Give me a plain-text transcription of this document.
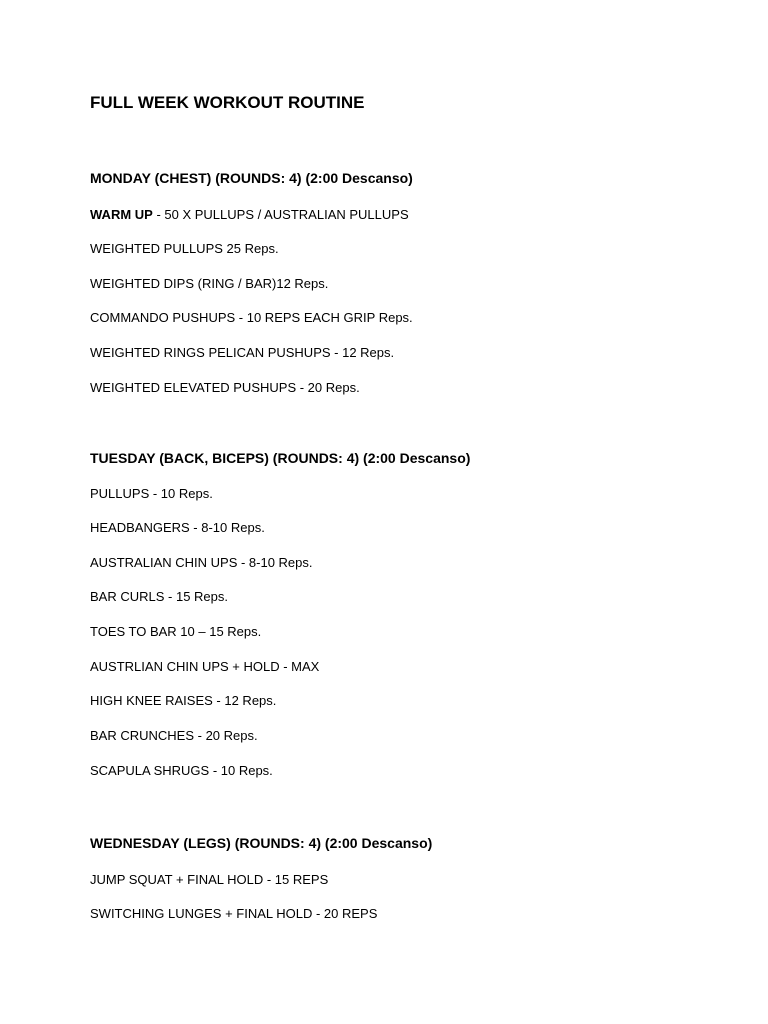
FULL WEEK WORKOUT ROUTINE
MONDAY (CHEST) (ROUNDS: 4) (2:00 Descanso)
WARM UP - 50 X PULLUPS / AUSTRALIAN PULLUPS
WEIGHTED PULLUPS 25 Reps.
WEIGHTED DIPS (RING / BAR)12 Reps.
COMMANDO PUSHUPS - 10 REPS EACH GRIP Reps.
WEIGHTED RINGS PELICAN PUSHUPS - 12 Reps.
WEIGHTED ELEVATED PUSHUPS - 20 Reps.
TUESDAY (BACK, BICEPS) (ROUNDS: 4) (2:00 Descanso)
PULLUPS - 10 Reps.
HEADBANGERS - 8-10 Reps.
AUSTRALIAN CHIN UPS - 8-10 Reps.
BAR CURLS - 15 Reps.
TOES TO BAR 10 – 15 Reps.
AUSTRLIAN CHIN UPS + HOLD - MAX
HIGH KNEE RAISES - 12 Reps.
BAR CRUNCHES - 20 Reps.
SCAPULA SHRUGS - 10 Reps.
WEDNESDAY (LEGS) (ROUNDS: 4) (2:00 Descanso)
JUMP SQUAT + FINAL HOLD - 15 REPS
SWITCHING LUNGES + FINAL HOLD - 20 REPS
